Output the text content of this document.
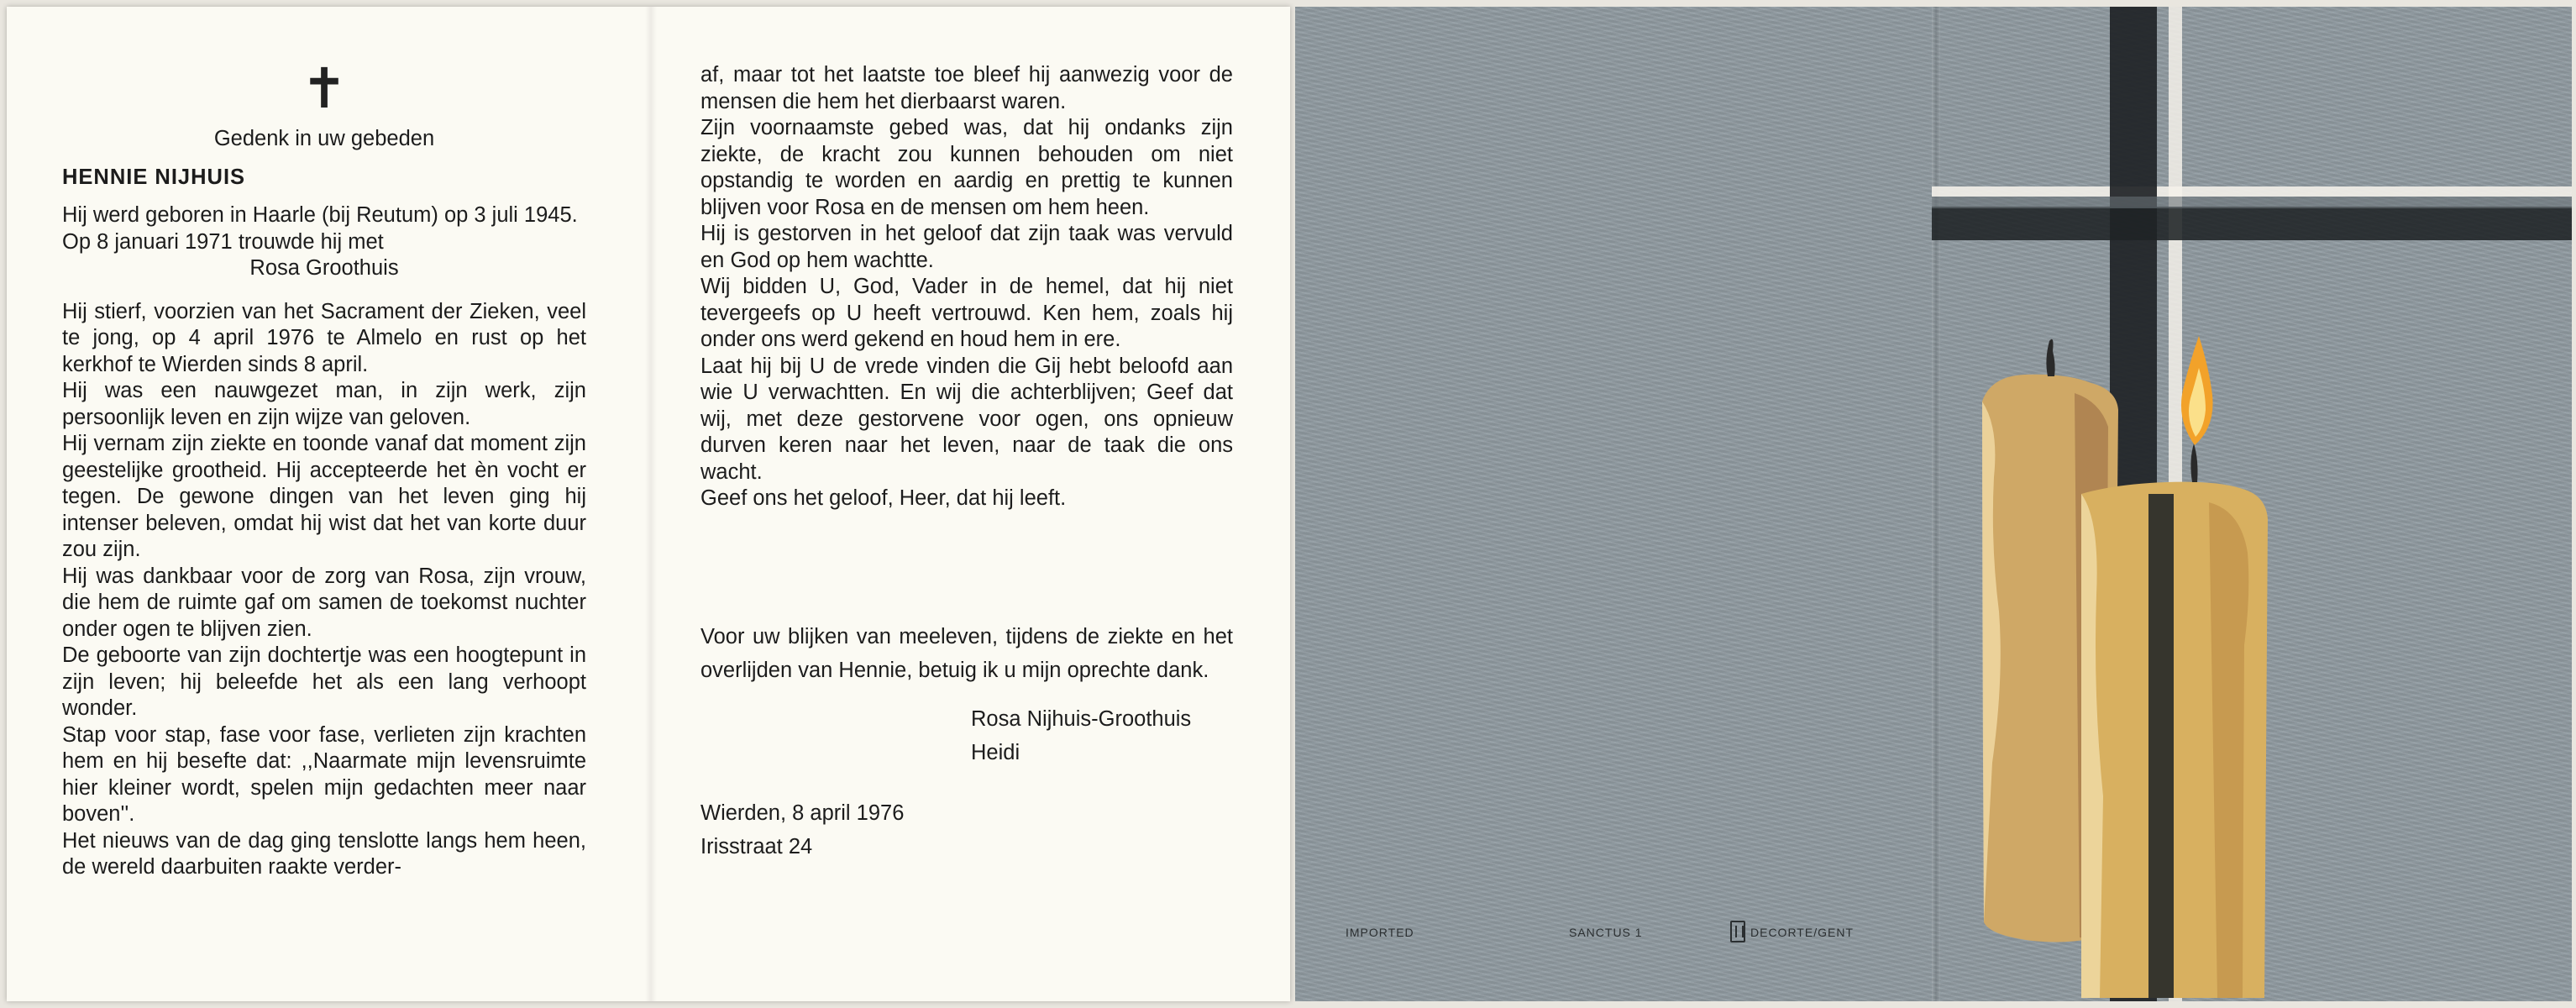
✝

Gedenk in uw gebeden

HENNIE NIJHUIS

Hij werd geboren in Haarle (bij Reutum) op 3 juli 1945.

Op 8 januari 1971 trouwde hij met

Rosa Groothuis

Hij stierf, voorzien van het Sacrament der Zieken, veel te jong, op 4 april 1976 te Almelo en rust op het kerkhof te Wierden sinds 8 april.

Hij was een nauwgezet man, in zijn werk, zijn persoonlijk leven en zijn wijze van geloven.

Hij vernam zijn ziekte en toonde vanaf dat moment zijn geestelijke grootheid. Hij accepteerde het èn vocht er tegen. De gewone dingen van het leven ging hij intenser beleven, omdat hij wist dat het van korte duur zou zijn.

Hij was dankbaar voor de zorg van Rosa, zijn vrouw, die hem de ruimte gaf om samen de toekomst nuchter onder ogen te blijven zien.

De geboorte van zijn dochtertje was een hoogtepunt in zijn leven; hij beleefde het als een lang verhoopt wonder.

Stap voor stap, fase voor fase, verlieten zijn krachten hem en hij besefte dat: ,,Naarmate mijn levensruimte hier kleiner wordt, spelen mijn gedachten meer naar boven''.

Het nieuws van de dag ging tenslotte langs hem heen, de wereld daarbuiten raakte verder-

af, maar tot het laatste toe bleef hij aanwezig voor de mensen die hem het dierbaarst waren.

Zijn voornaamste gebed was, dat hij ondanks zijn ziekte, de kracht zou kunnen behouden om niet opstandig te worden en aardig en prettig te kunnen blijven voor Rosa en de mensen om hem heen.

Hij is gestorven in het geloof dat zijn taak was vervuld en God op hem wachtte.

Wij bidden U, God, Vader in de hemel, dat hij niet tevergeefs op U heeft vertrouwd. Ken hem, zoals hij onder ons werd gekend en houd hem in ere.

Laat hij bij U de vrede vinden die Gij hebt beloofd aan wie U verwachtten. En wij die achterblijven; Geef dat wij, met deze gestorvene voor ogen, ons opnieuw durven keren naar het leven, naar de taak die ons wacht.

Geef ons het geloof, Heer, dat hij leeft.

Voor uw blijken van meeleven, tijdens de ziekte en het overlijden van Hennie, betuig ik u mijn oprechte dank.

Rosa Nijhuis-Groothuis

Heidi

Wierden, 8 april 1976

Irisstraat 24

IMPORTED	SANCTUS 1	DECORTE/GENT
